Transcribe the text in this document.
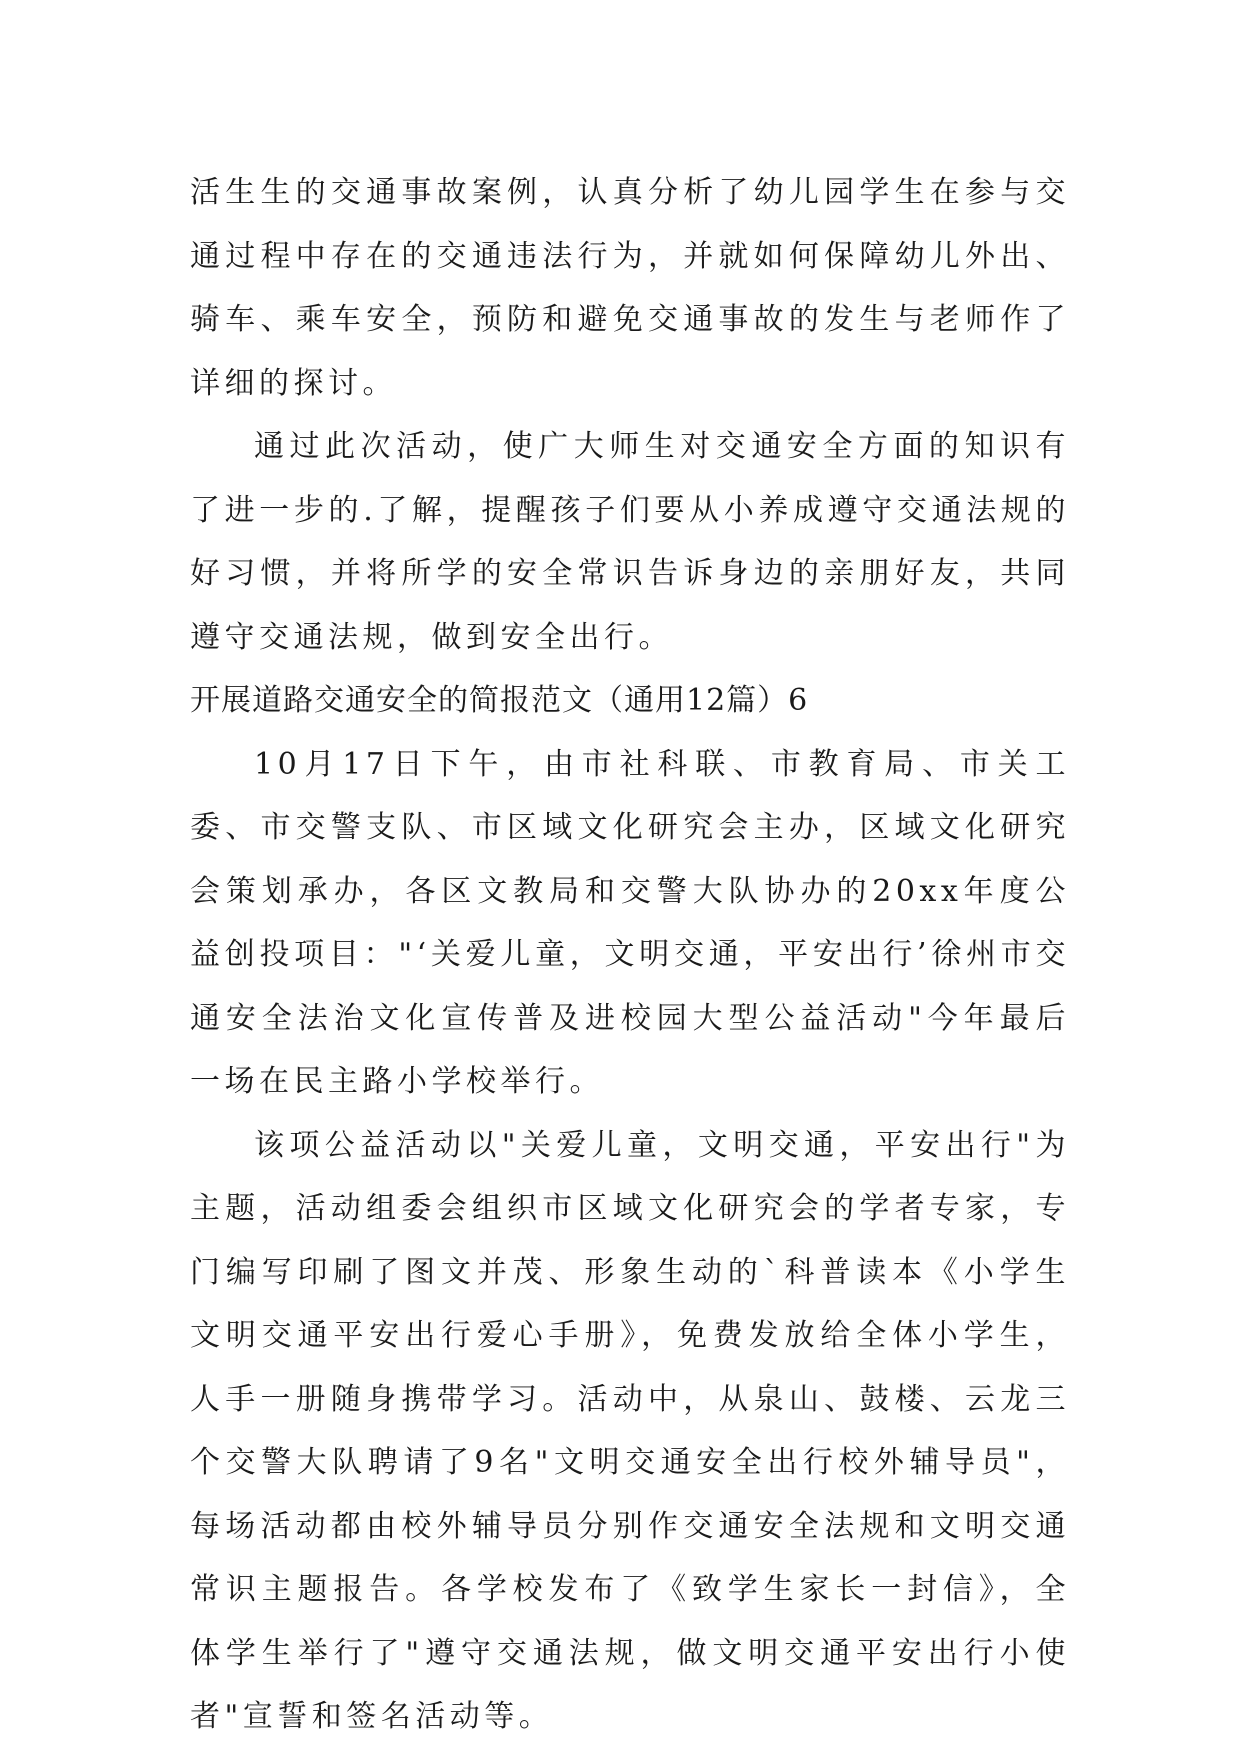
活生生的交通事故案例，认真分析了幼儿园学生在参与交通过程中存在的交通违法行为，并就如何保障幼儿外出、骑车、乘车安全，预防和避免交通事故的发生与老师作了详细的探讨。

通过此次活动，使广大师生对交通安全方面的知识有了进一步的.了解，提醒孩子们要从小养成遵守交通法规的好习惯，并将所学的安全常识告诉身边的亲朋好友，共同遵守交通法规，做到安全出行。

开展道路交通安全的简报范文（通用12篇）6

10月17日下午，由市社科联、市教育局、市关工委、市交警支队、市区域文化研究会主办，区域文化研究会策划承办，各区文教局和交警大队协办的20xx年度公益创投项目："‘关爱儿童，文明交通，平安出行’徐州市交通安全法治文化宣传普及进校园大型公益活动"今年最后一场在民主路小学校举行。

该项公益活动以"关爱儿童，文明交通，平安出行"为主题，活动组委会组织市区域文化研究会的学者专家，专门编写印刷了图文并茂、形象生动的`科普读本《小学生文明交通平安出行爱心手册》，免费发放给全体小学生，人手一册随身携带学习。活动中，从泉山、鼓楼、云龙三个交警大队聘请了9名"文明交通安全出行校外辅导员"，每场活动都由校外辅导员分别作交通安全法规和文明交通常识主题报告。各学校发布了《致学生家长一封信》，全体学生举行了"遵守交通法规，做文明交通平安出行小使者"宣誓和签名活动等。
